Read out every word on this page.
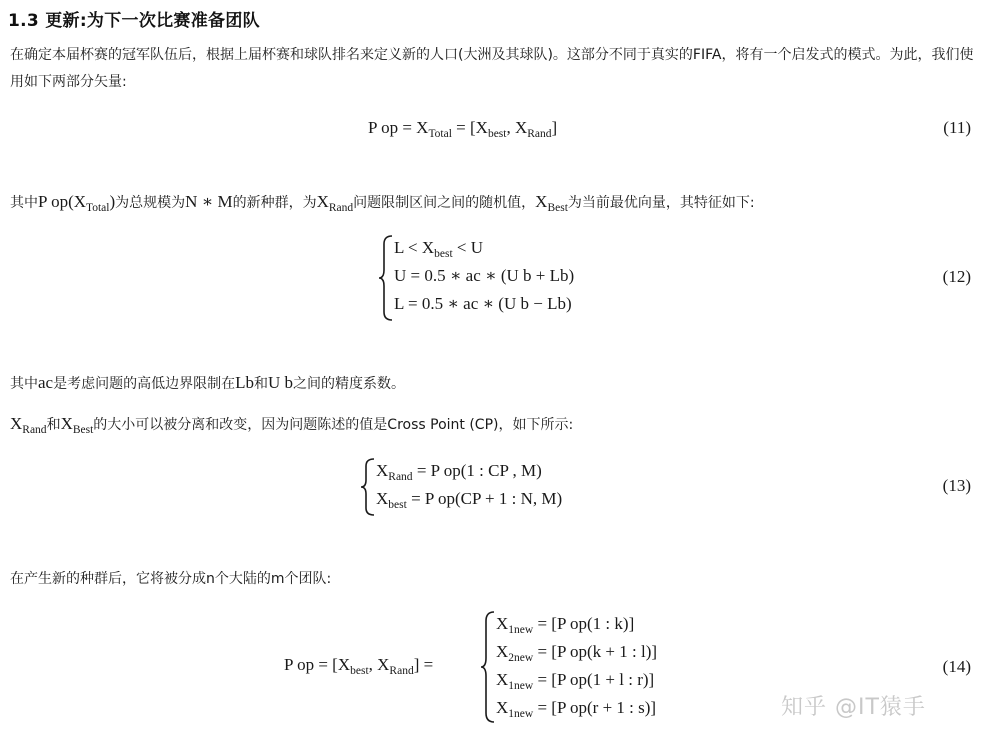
1.3 更新:为下一次比赛准备团队
在确定本届杯赛的冠军队伍后，根据上届杯赛和球队排名来定义新的人口(大洲及其球队)。这部分不同于真实的FIFA，将有一个启发式的模式。为此，我们使用如下两部分矢量:
P op = $X_{Total} = [X_{best}$, $X_{Rand}$]	(11)
其中P $op(X_{Total})$为总规模为N ∗ M的新种群，为$X_{Rand}$问题限制区间之间的随机值，$X_{Best}$为当前最优向量，其特征如下:
$L < X_{best} < U$
U = 0.5 ∗ ac ∗ (U b + Lb)
L = 0.5 ∗ ac ∗ (U b − Lb)
(12)
其中ac是考虑问题的高低边界限制在Lb和U b之间的精度系数。
$X_{Rand}$和$X_{Best}$的大小可以被分离和改变，因为问题陈述的值是Cross Point (CP)，如下所示:
$X_{Rand} = P$ op(1 : CP , M)
$X_{best} = P$ op(CP + 1 : N, M)
(13)
在产生新的种群后，它将被分成n个大陆的m个团队:
P op = [$X_{best}$, $X_{Rand}$] =
$X_{1new} = [P$ op(1 : k)]
$X_{2new} = [P$ op(k + 1 : l)]
$X_{1new} = [P$ op(1 + l : r)]
$X_{1new} = [P$ op(r + 1 : s)]
(14)
知乎 @IT猿手
